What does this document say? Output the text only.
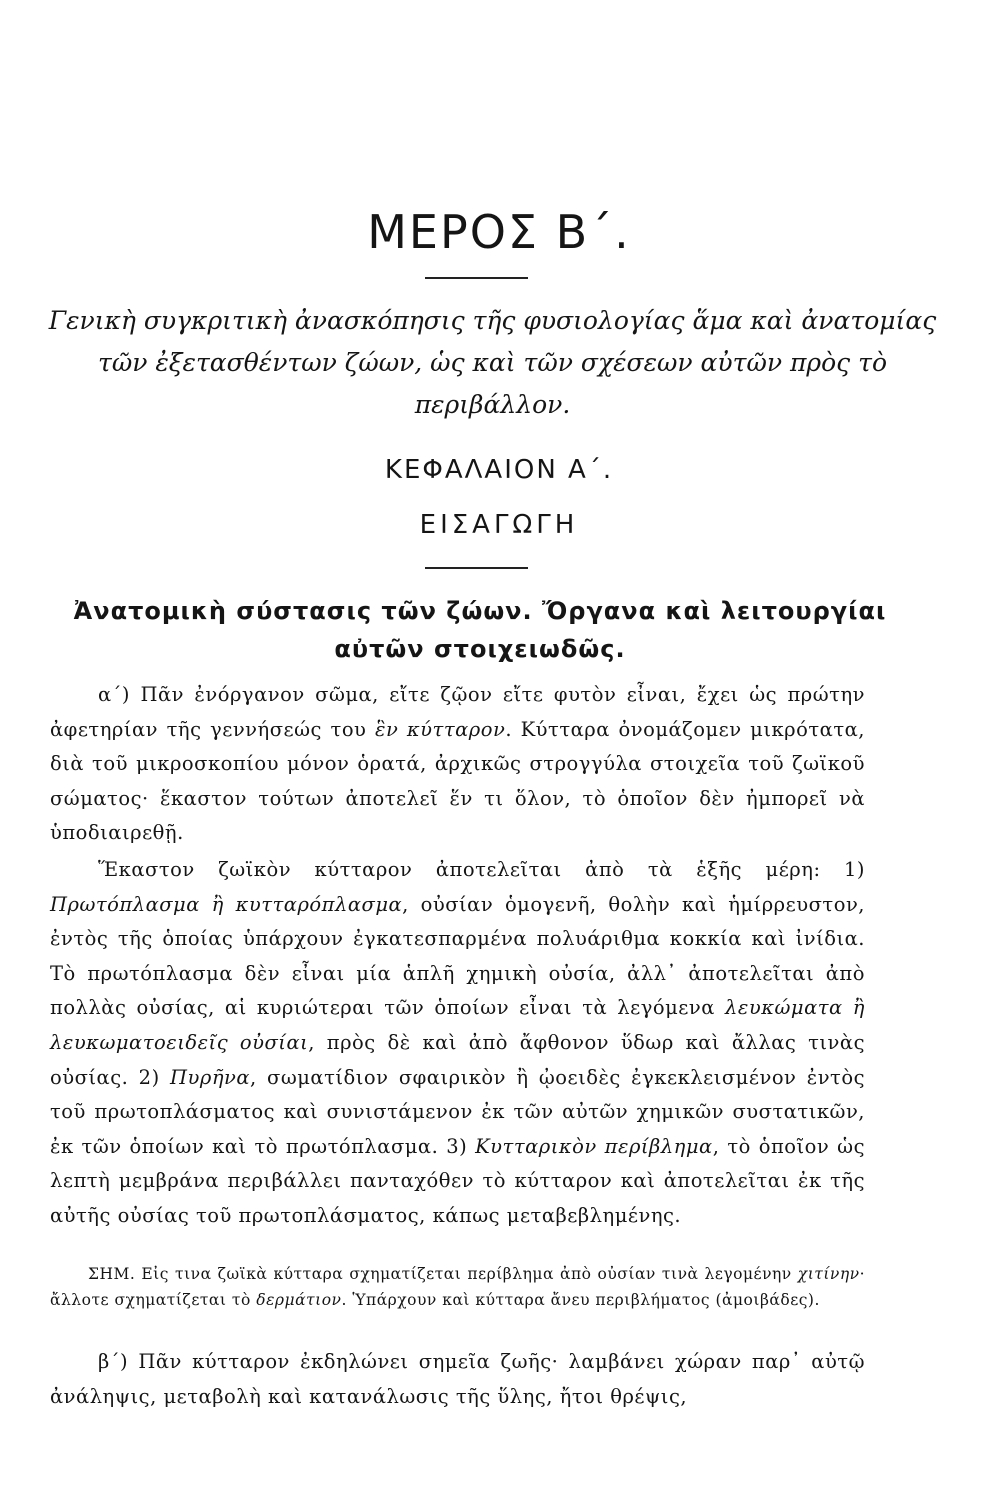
ΜΕΡΟΣ Β΄.
Γενικὴ συγκριτικὴ ἀνασκόπησις τῆς φυσιολογίας ἅμα καὶ ἀνατομίας τῶν ἐξετασθέντων ζώων, ὡς καὶ τῶν σχέσεων αὐτῶν πρὸς τὸ περιβάλλον.
ΚΕΦΑΛΑΙΟΝ Α΄.
ΕΙΣΑΓΩΓΗ
Ἀνατομικὴ σύστασις τῶν ζώων. Ὄργανα καὶ λειτουργίαι αὐτῶν στοιχειωδῶς.
α΄) Πᾶν ἐνόργανον σῶμα, εἴτε ζῷον εἴτε φυτὸν εἶναι, ἔχει ὡς πρώτην ἀφετηρίαν τῆς γεννήσεώς του ἓν κύτταρον. Κύτταρα ὀνομάζομεν μικρότατα, διὰ τοῦ μικροσκοπίου μόνον ὁρατά, ἀρχικῶς στρογγύλα στοιχεῖα τοῦ ζωϊκοῦ σώματος· ἕκαστον τούτων ἀποτελεῖ ἕν τι ὅλον, τὸ ὁποῖον δὲν ἠμπορεῖ νὰ ὑποδιαιρεθῇ.
Ἕκαστον ζωϊκὸν κύτταρον ἀποτελεῖται ἀπὸ τὰ ἑξῆς μέρη: 1) Πρωτόπλασμα ἢ κυτταρόπλασμα, οὐσίαν ὁμογενῆ, θολὴν καὶ ἡμίρρευστον, ἐντὸς τῆς ὁποίας ὑπάρχουν ἐγκατεσπαρμένα πολυάριθμα κοκκία καὶ ἰνίδια. Τὸ πρωτόπλασμα δὲν εἶναι μία ἁπλῆ χημικὴ οὐσία, ἀλλ᾽ ἀποτελεῖται ἀπὸ πολλὰς οὐσίας, αἱ κυριώτεραι τῶν ὁποίων εἶναι τὰ λεγόμενα λευκώματα ἢ λευκωματοειδεῖς οὐσίαι, πρὸς δὲ καὶ ἀπὸ ἄφθονον ὕδωρ καὶ ἄλλας τινὰς οὐσίας. 2) Πυρῆνα, σωματίδιον σφαιρικὸν ἢ ᾠοειδὲς ἐγκεκλεισμένον ἐντὸς τοῦ πρωτοπλάσματος καὶ συνιστάμενον ἐκ τῶν αὐτῶν χημικῶν συστατικῶν, ἐκ τῶν ὁποίων καὶ τὸ πρωτόπλασμα. 3) Κυτταρικὸν περίβλημα, τὸ ὁποῖον ὡς λεπτὴ μεμβράνα περιβάλλει πανταχόθεν τὸ κύτταρον καὶ ἀποτελεῖται ἐκ τῆς αὐτῆς οὐσίας τοῦ πρωτοπλάσματος, κάπως μεταβεβλημένης.
ΣΗΜ. Εἰς τινα ζωϊκὰ κύτταρα σχηματίζεται περίβλημα ἀπὸ οὐσίαν τινὰ λεγομένην χιτίνην· ἄλλοτε σχηματίζεται τὸ δερμάτιον. Ὑπάρχουν καὶ κύτταρα ἄνευ περιβλήματος (ἀμοιβάδες).
β΄) Πᾶν κύτταρον ἐκδηλώνει σημεῖα ζωῆς· λαμβάνει χώραν παρ᾽ αὐτῷ ἀνάληψις, μεταβολὴ καὶ κατανάλωσις τῆς ὕλης, ἤτοι θρέψις,
